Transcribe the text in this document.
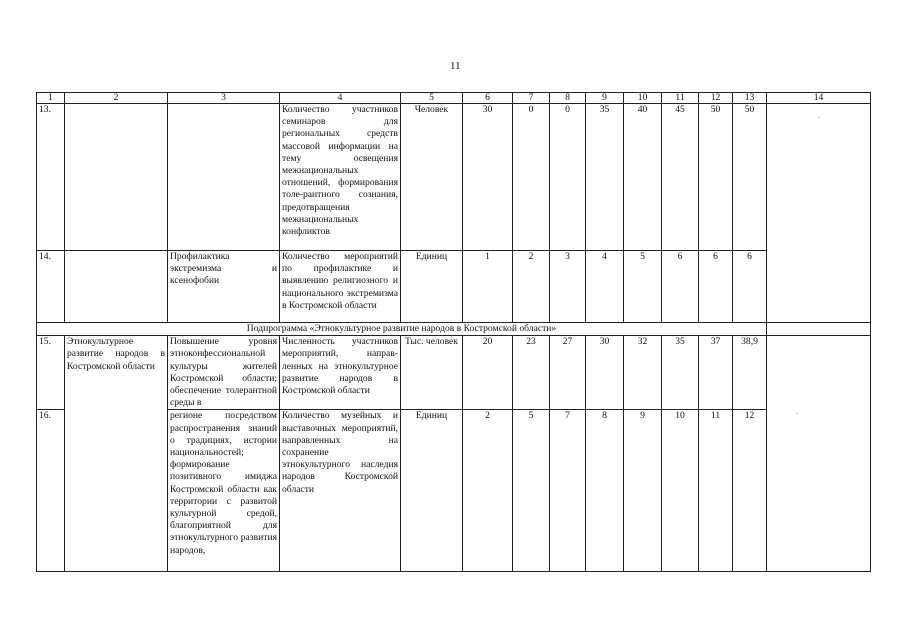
11
1	2	3	4	5	6	7	8	9	10	11	12	13	14
13.			Количество участников семинаров для региональных средств массовой информации на тему освещения межнациональных отношений, формирования толе-рантного сознания, предотвращения межнациональных конфликтов	Человек	30	0	0	35	40	45	50	50	
14.		Профилактика экстремизма и ксенофобии	Количество мероприятий по профилактике и выявлению религиозного и национального экстремизма в Костромской области	Единиц	1	2	3	4	5	6	6	6	
Подпрограмма «Этнокультурное развитие народов в Костромской области»													
15.	Этнокультурное развитие народов в Костромской области	Повышение уровня этноконфессиональной культуры жителей Костромской области; обеспечение толерантной среды в	Численность участников мероприятий, направ-ленных на этнокультурное развитие народов в Костромской области	Тыс. человек	20	23	27	30	32	35	37	38,9	
16.		регионе посредством распространения знаний о традициях, истории национальностей; формирование позитивного имиджа Костромской области как территории с развитой культурной средой, благоприятной для этнокультурного развития народов,	Количество музейных и выставочных мероприятий, направленных на сохранение этнокультурного наследия народов Костромской области	Единиц	2	5	7	8	9	10	11	12	
